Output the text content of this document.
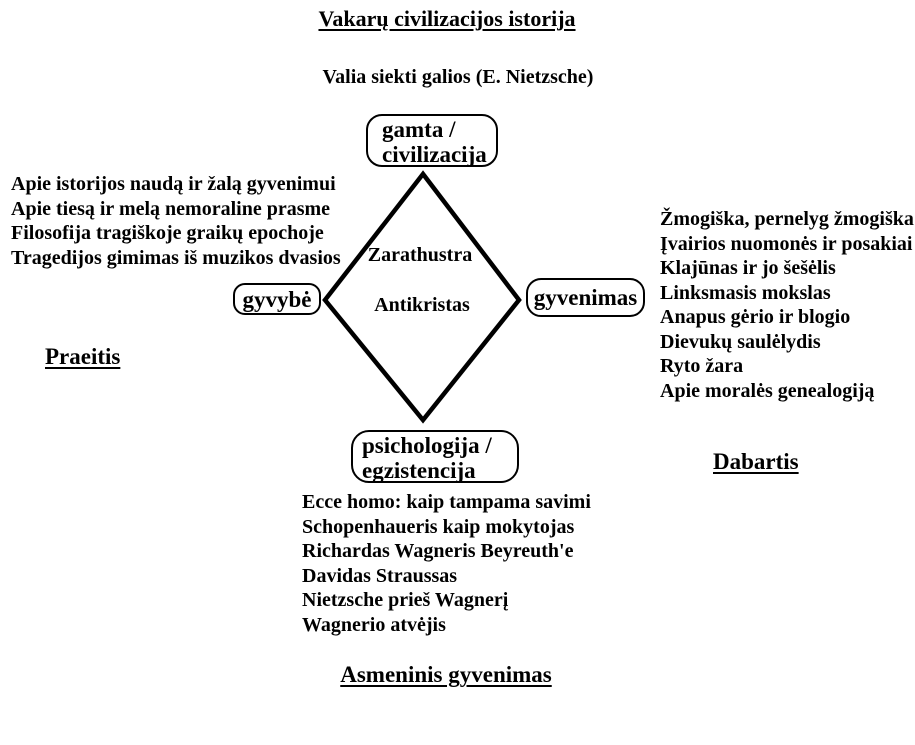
Vakarų civilizacijos istorija
Valia siekti galios (E. Nietzsche)
Zarathustra
Antikristas
gamta /
civilizacija
gyvybė	gyvenimas
psichologija /
egzistencija
Apie istorijos naudą ir žalą gyvenimui
Apie tiesą ir melą nemoraline prasme
Filosofija tragiškoje graikų epochoje
Tragedijos gimimas iš muzikos dvasios
Praeitis
Žmogiška, pernelyg žmogiška
Įvairios nuomonės ir posakiai
Klajūnas ir jo šešėlis
Linksmasis mokslas
Anapus gėrio ir blogio
Dievukų saulėlydis
Ryto žara
Apie moralės genealogiją
Dabartis
Ecce homo: kaip tampama savimi
Schopenhaueris kaip mokytojas
Richardas Wagneris Beyreuth'e
Davidas Straussas
Nietzsche prieš Wagnerį
Wagnerio atvėjis
Asmeninis gyvenimas
